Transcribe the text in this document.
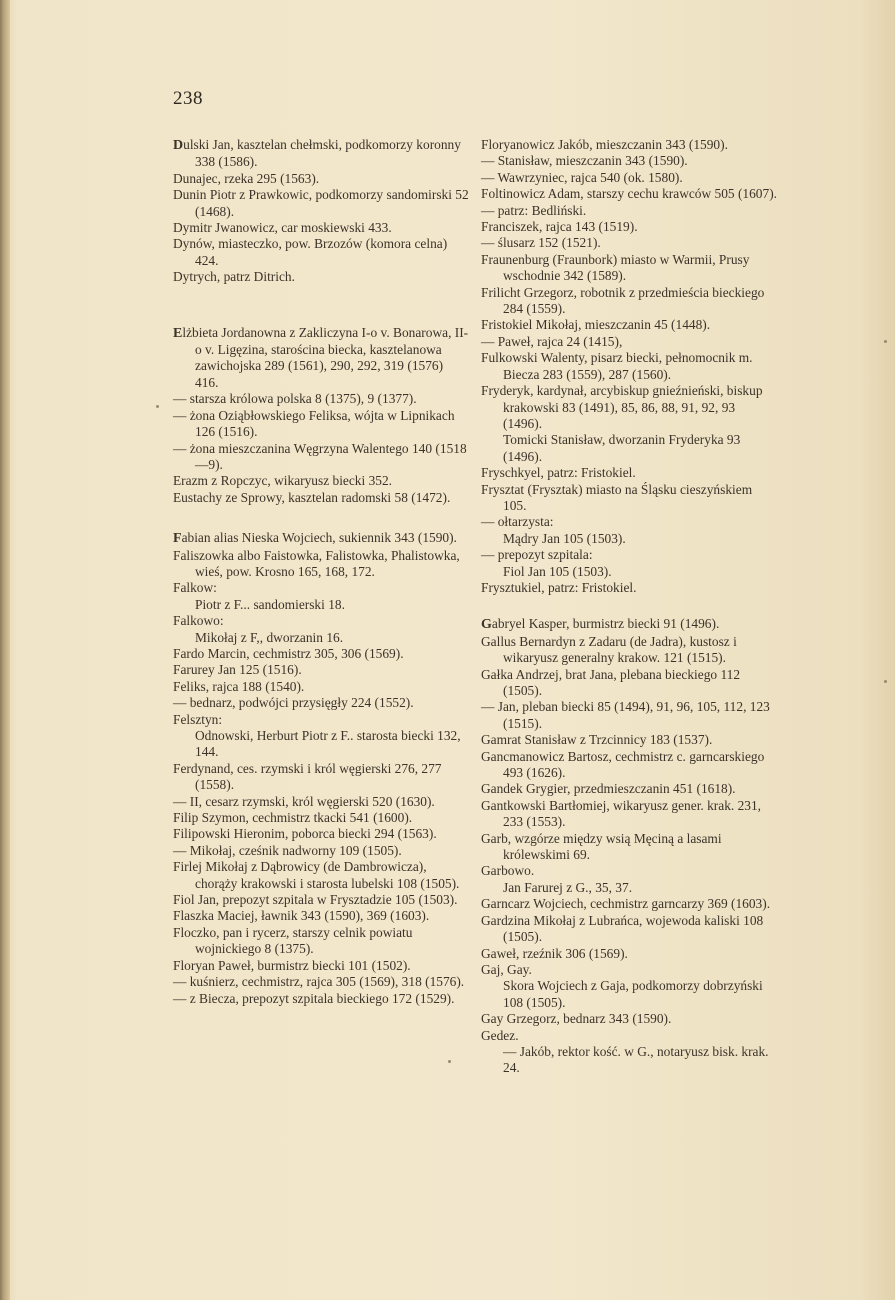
238

Dulski Jan, kasztelan chełmski, podkomorzy koronny 338 (1586).

Dunajec, rzeka 295 (1563).

Dunin Piotr z Prawkowic, podkomorzy sandomirski 52 (1468).

Dymitr Jwanowicz, car moskiewski 433.

Dynów, miasteczko, pow. Brzozów (komora celna) 424.

Dytrych, patrz Ditrich.

Elżbieta Jordanowna z Zakliczyna I-o v. Bonarowa, II-o v. Ligęzina, starościna biecka, kasztelanowa zawichojska 289 (1561), 290, 292, 319 (1576) 416.

— starsza królowa polska 8 (1375), 9 (1377).

— żona Oziąbłowskiego Feliksa, wójta w Lipnikach 126 (1516).

— żona mieszczanina Węgrzyna Walentego 140 (1518—9).

Erazm z Ropczyc, wikaryusz biecki 352.

Eustachy ze Sprowy, kasztelan radomski 58 (1472).

Fabian alias Nieska Wojciech, sukiennik 343 (1590).

Faliszowka albo Faistowka, Falistowka, Phalistowka, wieś, pow. Krosno 165, 168, 172.

Falkow:

Piotr z F... sandomierski 18.

Falkowo:

Mikołaj z F,, dworzanin 16.

Fardo Marcin, cechmistrz 305, 306 (1569).

Farurey Jan 125 (1516).

Feliks, rajca 188 (1540).

— bednarz, podwójci przysięgły 224 (1552).

Felsztyn:

Odnowski, Herburt Piotr z F.. starosta biecki 132, 144.

Ferdynand, ces. rzymski i król węgierski 276, 277 (1558).

— II, cesarz rzymski, król węgierski 520 (1630).

Filip Szymon, cechmistrz tkacki 541 (1600).

Filipowski Hieronim, poborca biecki 294 (1563).

— Mikołaj, cześnik nadworny 109 (1505).

Firlej Mikołaj z Dąbrowicy (de Dambrowicza), chorąży krakowski i starosta lubelski 108 (1505).

Fiol Jan, prepozyt szpitala w Frysztadzie 105 (1503).

Flaszka Maciej, ławnik 343 (1590), 369 (1603).

Floczko, pan i rycerz, starszy celnik powiatu wojnickiego 8 (1375).

Floryan Paweł, burmistrz biecki 101 (1502).

— kuśnierz, cechmistrz, rajca 305 (1569), 318 (1576).

— z Biecza, prepozyt szpitala bieckiego 172 (1529).

Floryanowicz Jakób, mieszczanin 343 (1590).

— Stanisław, mieszczanin 343 (1590).

— Wawrzyniec, rajca 540 (ok. 1580).

Foltinowicz Adam, starszy cechu krawców 505 (1607).

— patrz: Bedliński.

Franciszek, rajca 143 (1519).

— ślusarz 152 (1521).

Fraunenburg (Fraunbork) miasto w Warmii, Prusy wschodnie 342 (1589).

Frilicht Grzegorz, robotnik z przedmieścia bieckiego 284 (1559).

Fristokiel Mikołaj, mieszczanin 45 (1448).

— Paweł, rajca 24 (1415),

Fulkowski Walenty, pisarz biecki, pełnomocnik m. Biecza 283 (1559), 287 (1560).

Fryderyk, kardynał, arcybiskup gnieźnieński, biskup krakowski 83 (1491), 85, 86, 88, 91, 92, 93 (1496).

Tomicki Stanisław, dworzanin Fryderyka 93 (1496).

Fryschkyel, patrz: Fristokiel.

Frysztat (Frysztak) miasto na Śląsku cieszyńskiem 105.

— ołtarzysta:

Mądry Jan 105 (1503).

— prepozyt szpitala:

Fiol Jan 105 (1503).

Frysztukiel, patrz: Fristokiel.

Gabryel Kasper, burmistrz biecki 91 (1496).

Gallus Bernardyn z Zadaru (de Jadra), kustosz i wikaryusz generalny krakow. 121 (1515).

Gałka Andrzej, brat Jana, plebana bieckiego 112 (1505).

— Jan, pleban biecki 85 (1494), 91, 96, 105, 112, 123 (1515).

Gamrat Stanisław z Trzcinnicy 183 (1537).

Gancmanowicz Bartosz, cechmistrz c. garncarskiego 493 (1626).

Gandek Grygier, przedmieszczanin 451 (1618).

Gantkowski Bartłomiej, wikaryusz gener. krak. 231, 233 (1553).

Garb, wzgórze między wsią Męciną a lasami królewskimi 69.

Garbowo.

Jan Farurej z G., 35, 37.

Garncarz Wojciech, cechmistrz garncarzy 369 (1603).

Gardzina Mikołaj z Lubrańca, wojewoda kaliski 108 (1505).

Gaweł, rzeźnik 306 (1569).

Gaj, Gay.

Skora Wojciech z Gaja, podkomorzy dobrzyński 108 (1505).

Gay Grzegorz, bednarz 343 (1590).

Gedez.

— Jakób, rektor kość. w G., notaryusz bisk. krak. 24.
